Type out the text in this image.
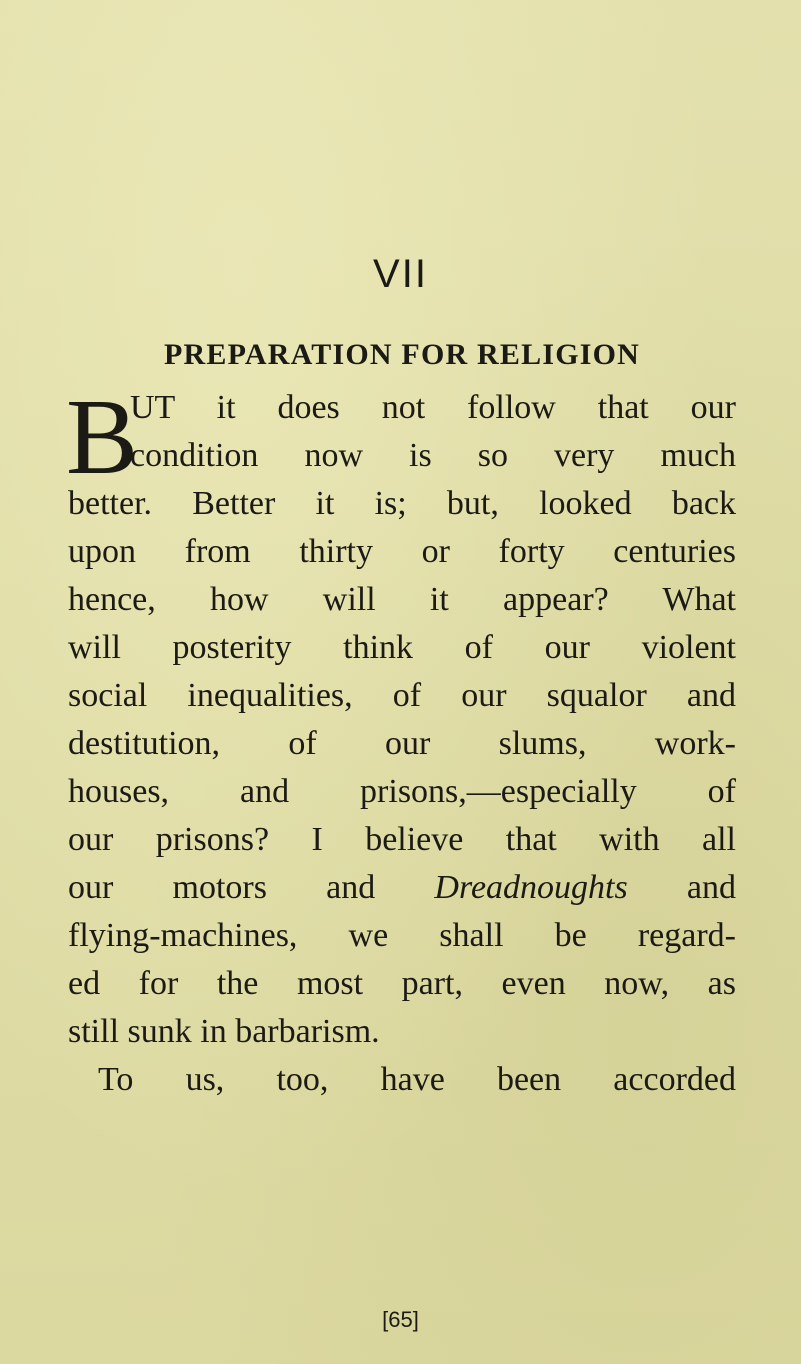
VII
PREPARATION FOR RELIGION
B
UT it does not follow that our
condition now is so very much
better. Better it is; but, looked back
upon from thirty or forty centuries
hence, how will it appear? What
will posterity think of our violent
social inequalities, of our squalor and
destitution, of our slums, work-
houses, and prisons,—especially of
our prisons? I believe that with all
our motors and Dreadnoughts and
flying-machines, we shall be regard-
ed for the most part, even now, as
still sunk in barbarism.
To us, too, have been accorded
[65]
